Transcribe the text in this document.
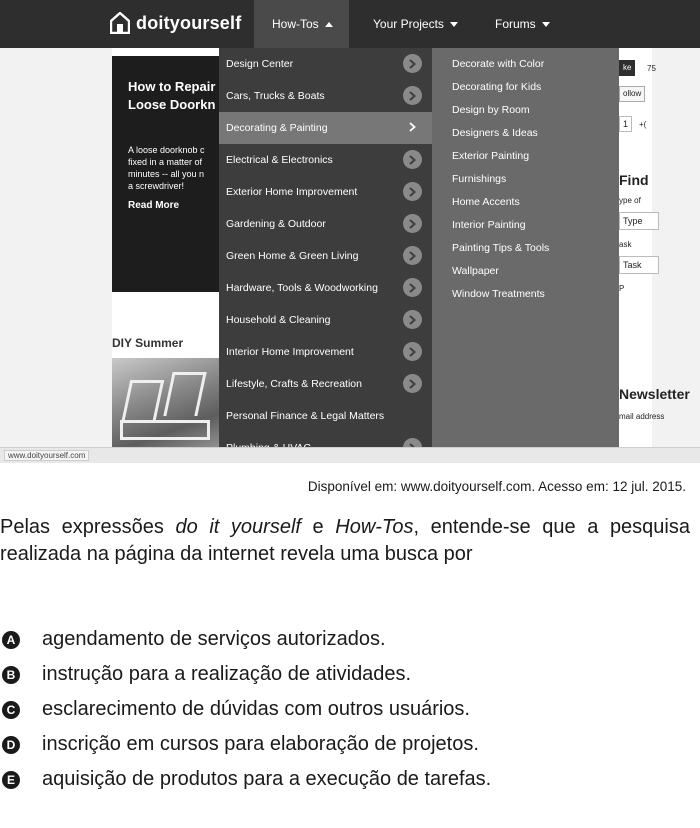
How to Repair
Loose Doorkn
A loose doorknob c
fixed in a matter of
minutes -- all you n
a screwdriver!
Read More
DIY Summer
ke	75
ollow
1	+(
Find
ype of
Type
ask
Task
P
Newsletter
mail address
Design Center
Cars, Trucks & Boats
Decorating & Painting
Electrical & Electronics
Exterior Home Improvement
Gardening & Outdoor
Green Home & Green Living
Hardware, Tools & Woodworking
Household & Cleaning
Interior Home Improvement
Lifestyle, Crafts & Recreation
Personal Finance & Legal Matters
Decorate with Color
Decorating for Kids
Design by Room
Designers & Ideas
Exterior Painting
Furnishings
Home Accents
Interior Painting
Painting Tips & Tools
Wallpaper
Window Treatments
doityourself	How-Tos	Your Projects	Forums
www.doityourself.com
Disponível em: www.doityourself.com. Acesso em: 12 jul. 2015.
Pelas expressões do it yourself e How-Tos, entende-se que a pesquisa realizada na página da internet revela uma busca por
A agendamento de serviços autorizados.
B instrução para a realização de atividades.
C esclarecimento de dúvidas com outros usuários.
D inscrição em cursos para elaboração de projetos.
E aquisição de produtos para a execução de tarefas.
